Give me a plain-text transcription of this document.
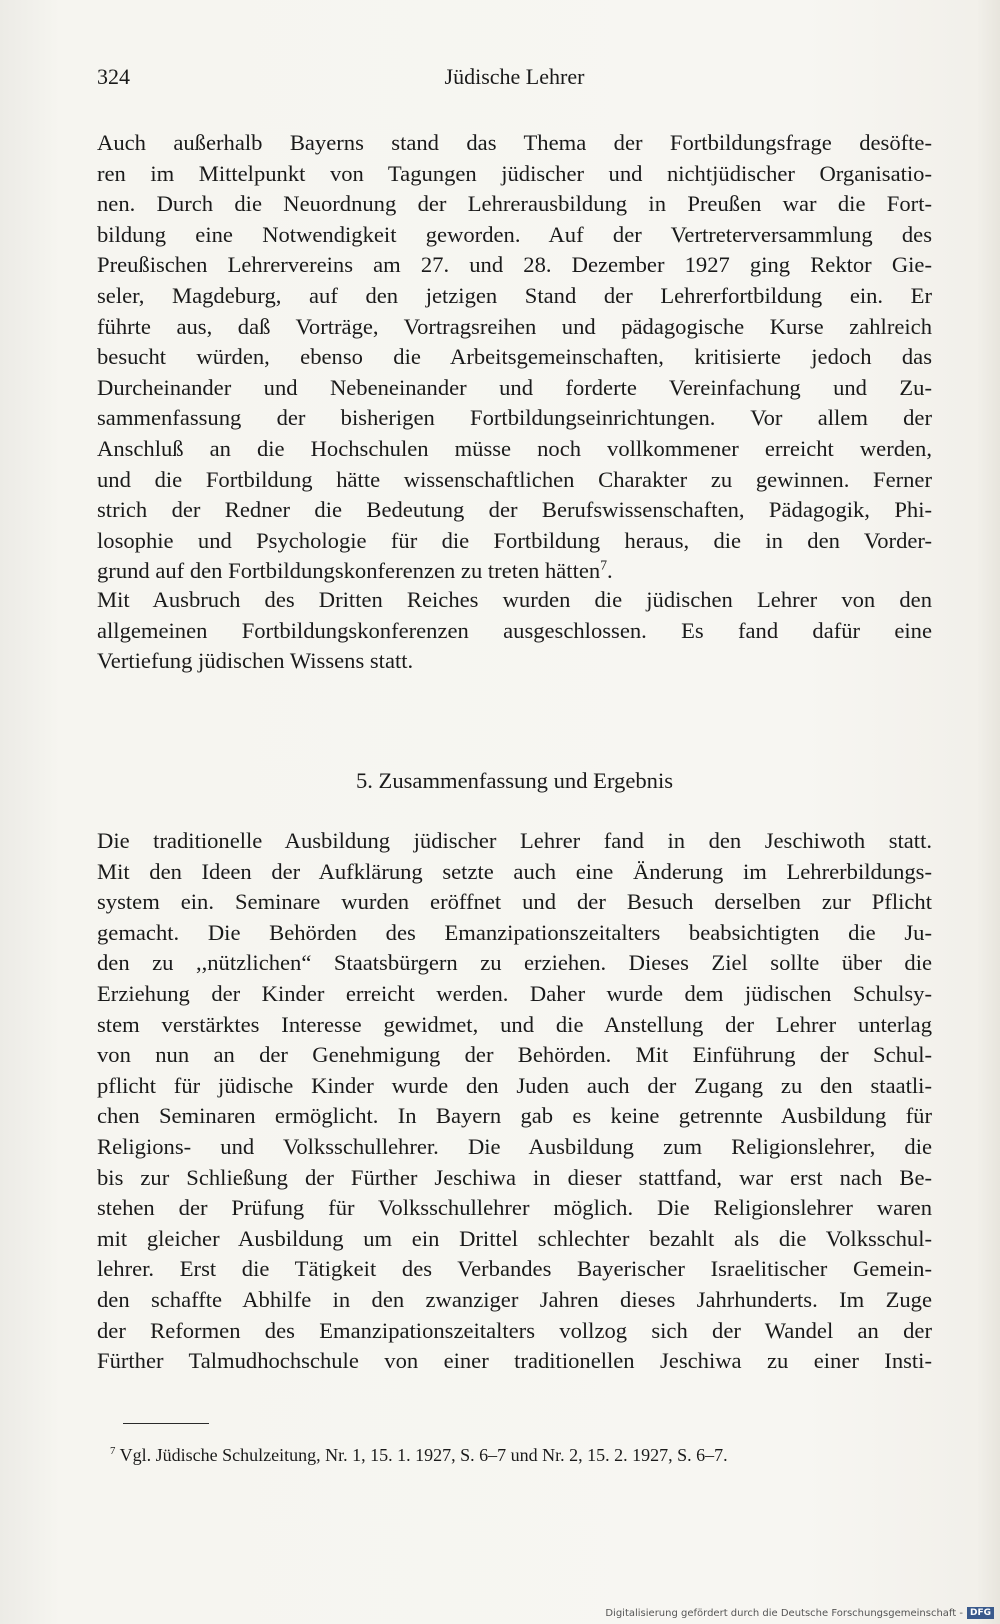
324	Jüdische Lehrer
Auch außerhalb Bayerns stand das Thema der Fortbildungsfrage desöfte-
ren im Mittelpunkt von Tagungen jüdischer und nichtjüdischer Organisatio-
nen. Durch die Neuordnung der Lehrerausbildung in Preußen war die Fort-
bildung eine Notwendigkeit geworden. Auf der Vertreterversammlung des
Preußischen Lehrervereins am 27. und 28. Dezember 1927 ging Rektor Gie-
seler, Magdeburg, auf den jetzigen Stand der Lehrerfortbildung ein. Er
führte aus, daß Vorträge, Vortragsreihen und pädagogische Kurse zahlreich
besucht würden, ebenso die Arbeitsgemeinschaften, kritisierte jedoch das
Durcheinander und Nebeneinander und forderte Vereinfachung und Zu-
sammenfassung der bisherigen Fortbildungseinrichtungen. Vor allem der
Anschluß an die Hochschulen müsse noch vollkommener erreicht werden,
und die Fortbildung hätte wissenschaftlichen Charakter zu gewinnen. Ferner
strich der Redner die Bedeutung der Berufswissenschaften, Pädagogik, Phi-
losophie und Psychologie für die Fortbildung heraus, die in den Vorder-
grund auf den Fortbildungskonferenzen zu treten hätten$^7$.
Mit Ausbruch des Dritten Reiches wurden die jüdischen Lehrer von den
allgemeinen Fortbildungskonferenzen ausgeschlossen. Es fand dafür eine
Vertiefung jüdischen Wissens statt.
5. Zusammenfassung und Ergebnis
Die traditionelle Ausbildung jüdischer Lehrer fand in den Jeschiwoth statt.
Mit den Ideen der Aufklärung setzte auch eine Änderung im Lehrerbildungs-
system ein. Seminare wurden eröffnet und der Besuch derselben zur Pflicht
gemacht. Die Behörden des Emanzipationszeitalters beabsichtigten die Ju-
den zu ,,nützlichen“ Staatsbürgern zu erziehen. Dieses Ziel sollte über die
Erziehung der Kinder erreicht werden. Daher wurde dem jüdischen Schulsy-
stem verstärktes Interesse gewidmet, und die Anstellung der Lehrer unterlag
von nun an der Genehmigung der Behörden. Mit Einführung der Schul-
pflicht für jüdische Kinder wurde den Juden auch der Zugang zu den staatli-
chen Seminaren ermöglicht. In Bayern gab es keine getrennte Ausbildung für
Religions- und Volksschullehrer. Die Ausbildung zum Religionslehrer, die
bis zur Schließung der Fürther Jeschiwa in dieser stattfand, war erst nach Be-
stehen der Prüfung für Volksschullehrer möglich. Die Religionslehrer waren
mit gleicher Ausbildung um ein Drittel schlechter bezahlt als die Volksschul-
lehrer. Erst die Tätigkeit des Verbandes Bayerischer Israelitischer Gemein-
den schaffte Abhilfe in den zwanziger Jahren dieses Jahrhunderts. Im Zuge
der Reformen des Emanzipationszeitalters vollzog sich der Wandel an der
Fürther Talmudhochschule von einer traditionellen Jeschiwa zu einer Insti-
$^7$ Vgl. Jüdische Schulzeitung, Nr. 1, 15. 1. 1927, S. 6–7 und Nr. 2, 15. 2. 1927, S. 6–7.
Digitalisierung gefördert durch die Deutsche Forschungsgemeinschaft - DFG
